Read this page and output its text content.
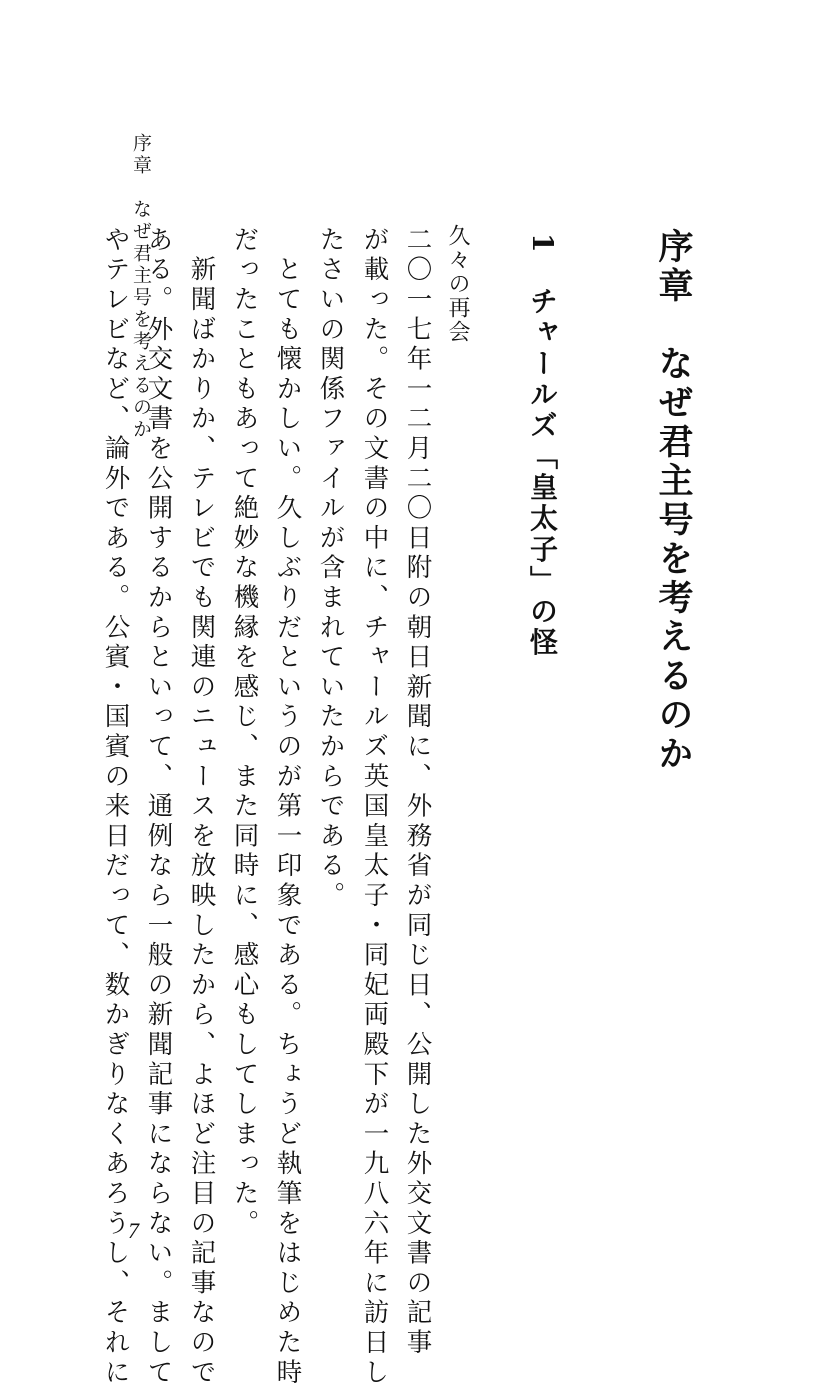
序章　なぜ君主号を考えるのか	序章　なぜ君主号を考えるのか
1　チャールズ「皇太子」の怪
久々の再会
二〇一七年一二月二〇日附の朝日新聞に、外務省が同じ日、公開した外交文書の記事
が載った。その文書の中に、チャールズ英国皇太子・同妃両殿下が一九八六年に訪日し
たさいの関係ファイルが含まれていたからである。
　とても懐かしい。久しぶりだというのが第一印象である。ちょうど執筆をはじめた時
だったこともあって絶妙な機縁を感じ、また同時に、感心もしてしまった。
　新聞ばかりか、テレビでも関連のニュースを放映したから、よほど注目の記事なので
ある。外交文書を公開するからといって、通例なら一般の新聞記事にならない。まして
やテレビなど、論外である。公賓・国賓の来日だって、数かぎりなくあろうし、それに
7
